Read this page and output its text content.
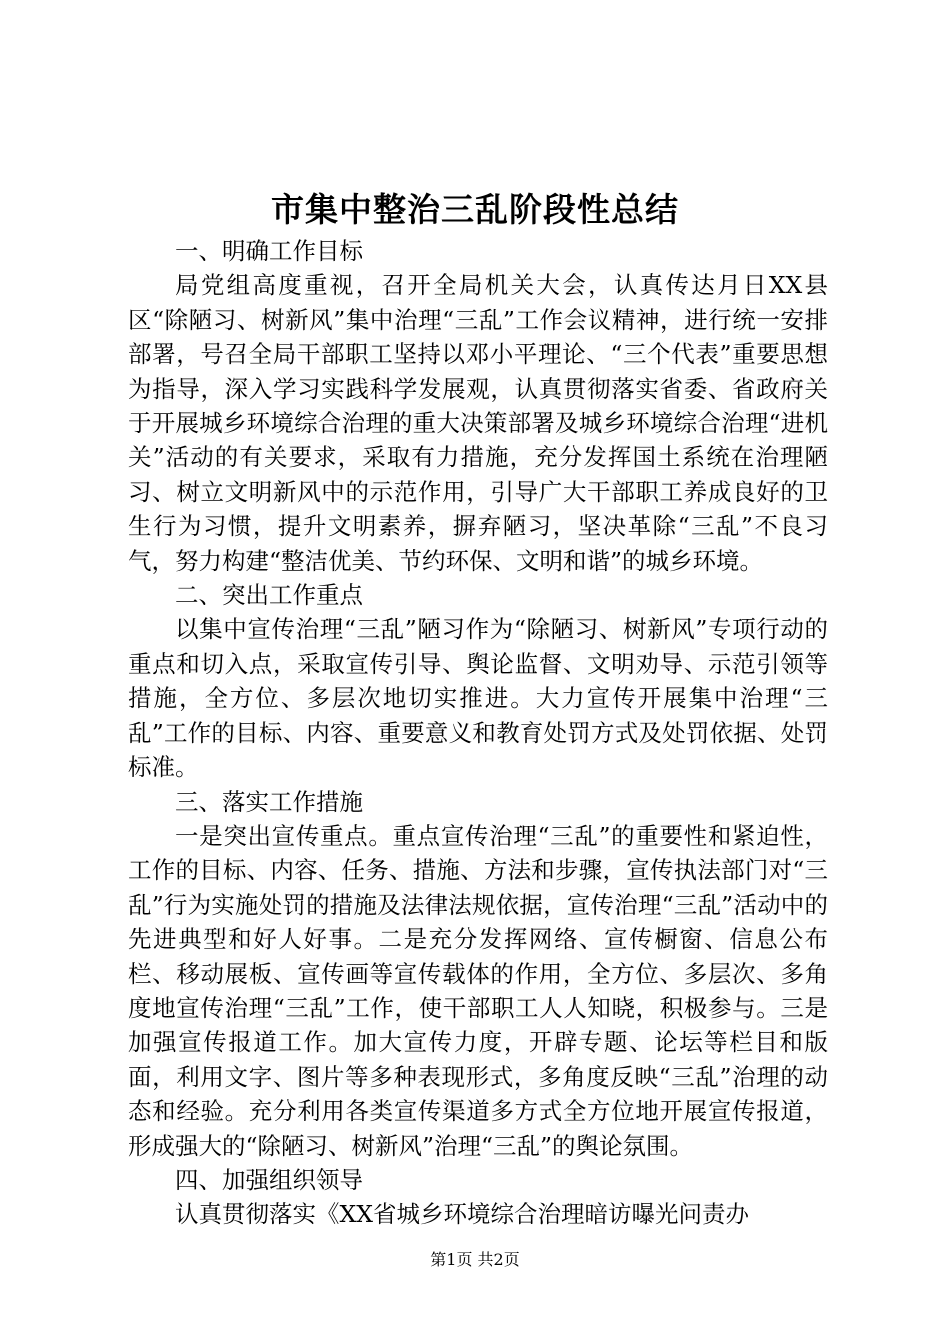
市集中整治三乱阶段性总结

一、明确工作目标

局党组高度重视，召开全局机关大会，认真传达月日XX县区“除陋习、树新风”集中治理“三乱”工作会议精神，进行统一安排部署，号召全局干部职工坚持以邓小平理论、“三个代表”重要思想为指导，深入学习实践科学发展观，认真贯彻落实省委、省政府关于开展城乡环境综合治理的重大决策部署及城乡环境综合治理“进机关”活动的有关要求，采取有力措施，充分发挥国土系统在治理陋习、树立文明新风中的示范作用，引导广大干部职工养成良好的卫生行为习惯，提升文明素养，摒弃陋习，坚决革除“三乱”不良习气，努力构建“整洁优美、节约环保、文明和谐”的城乡环境。

二、突出工作重点

以集中宣传治理“三乱”陋习作为“除陋习、树新风”专项行动的重点和切入点，采取宣传引导、舆论监督、文明劝导、示范引领等措施，全方位、多层次地切实推进。大力宣传开展集中治理“三乱”工作的目标、内容、重要意义和教育处罚方式及处罚依据、处罚标准。

三、落实工作措施

一是突出宣传重点。重点宣传治理“三乱”的重要性和紧迫性，工作的目标、内容、任务、措施、方法和步骤，宣传执法部门对“三乱”行为实施处罚的措施及法律法规依据，宣传治理“三乱”活动中的先进典型和好人好事。二是充分发挥网络、宣传橱窗、信息公布栏、移动展板、宣传画等宣传载体的作用，全方位、多层次、多角度地宣传治理“三乱”工作，使干部职工人人知晓，积极参与。三是加强宣传报道工作。加大宣传力度，开辟专题、论坛等栏目和版面，利用文字、图片等多种表现形式，多角度反映“三乱”治理的动态和经验。充分利用各类宣传渠道多方式全方位地开展宣传报道，形成强大的“除陋习、树新风”治理“三乱”的舆论氛围。

四、加强组织领导

认真贯彻落实《XX省城乡环境综合治理暗访曝光问责办

第1页 共2页
